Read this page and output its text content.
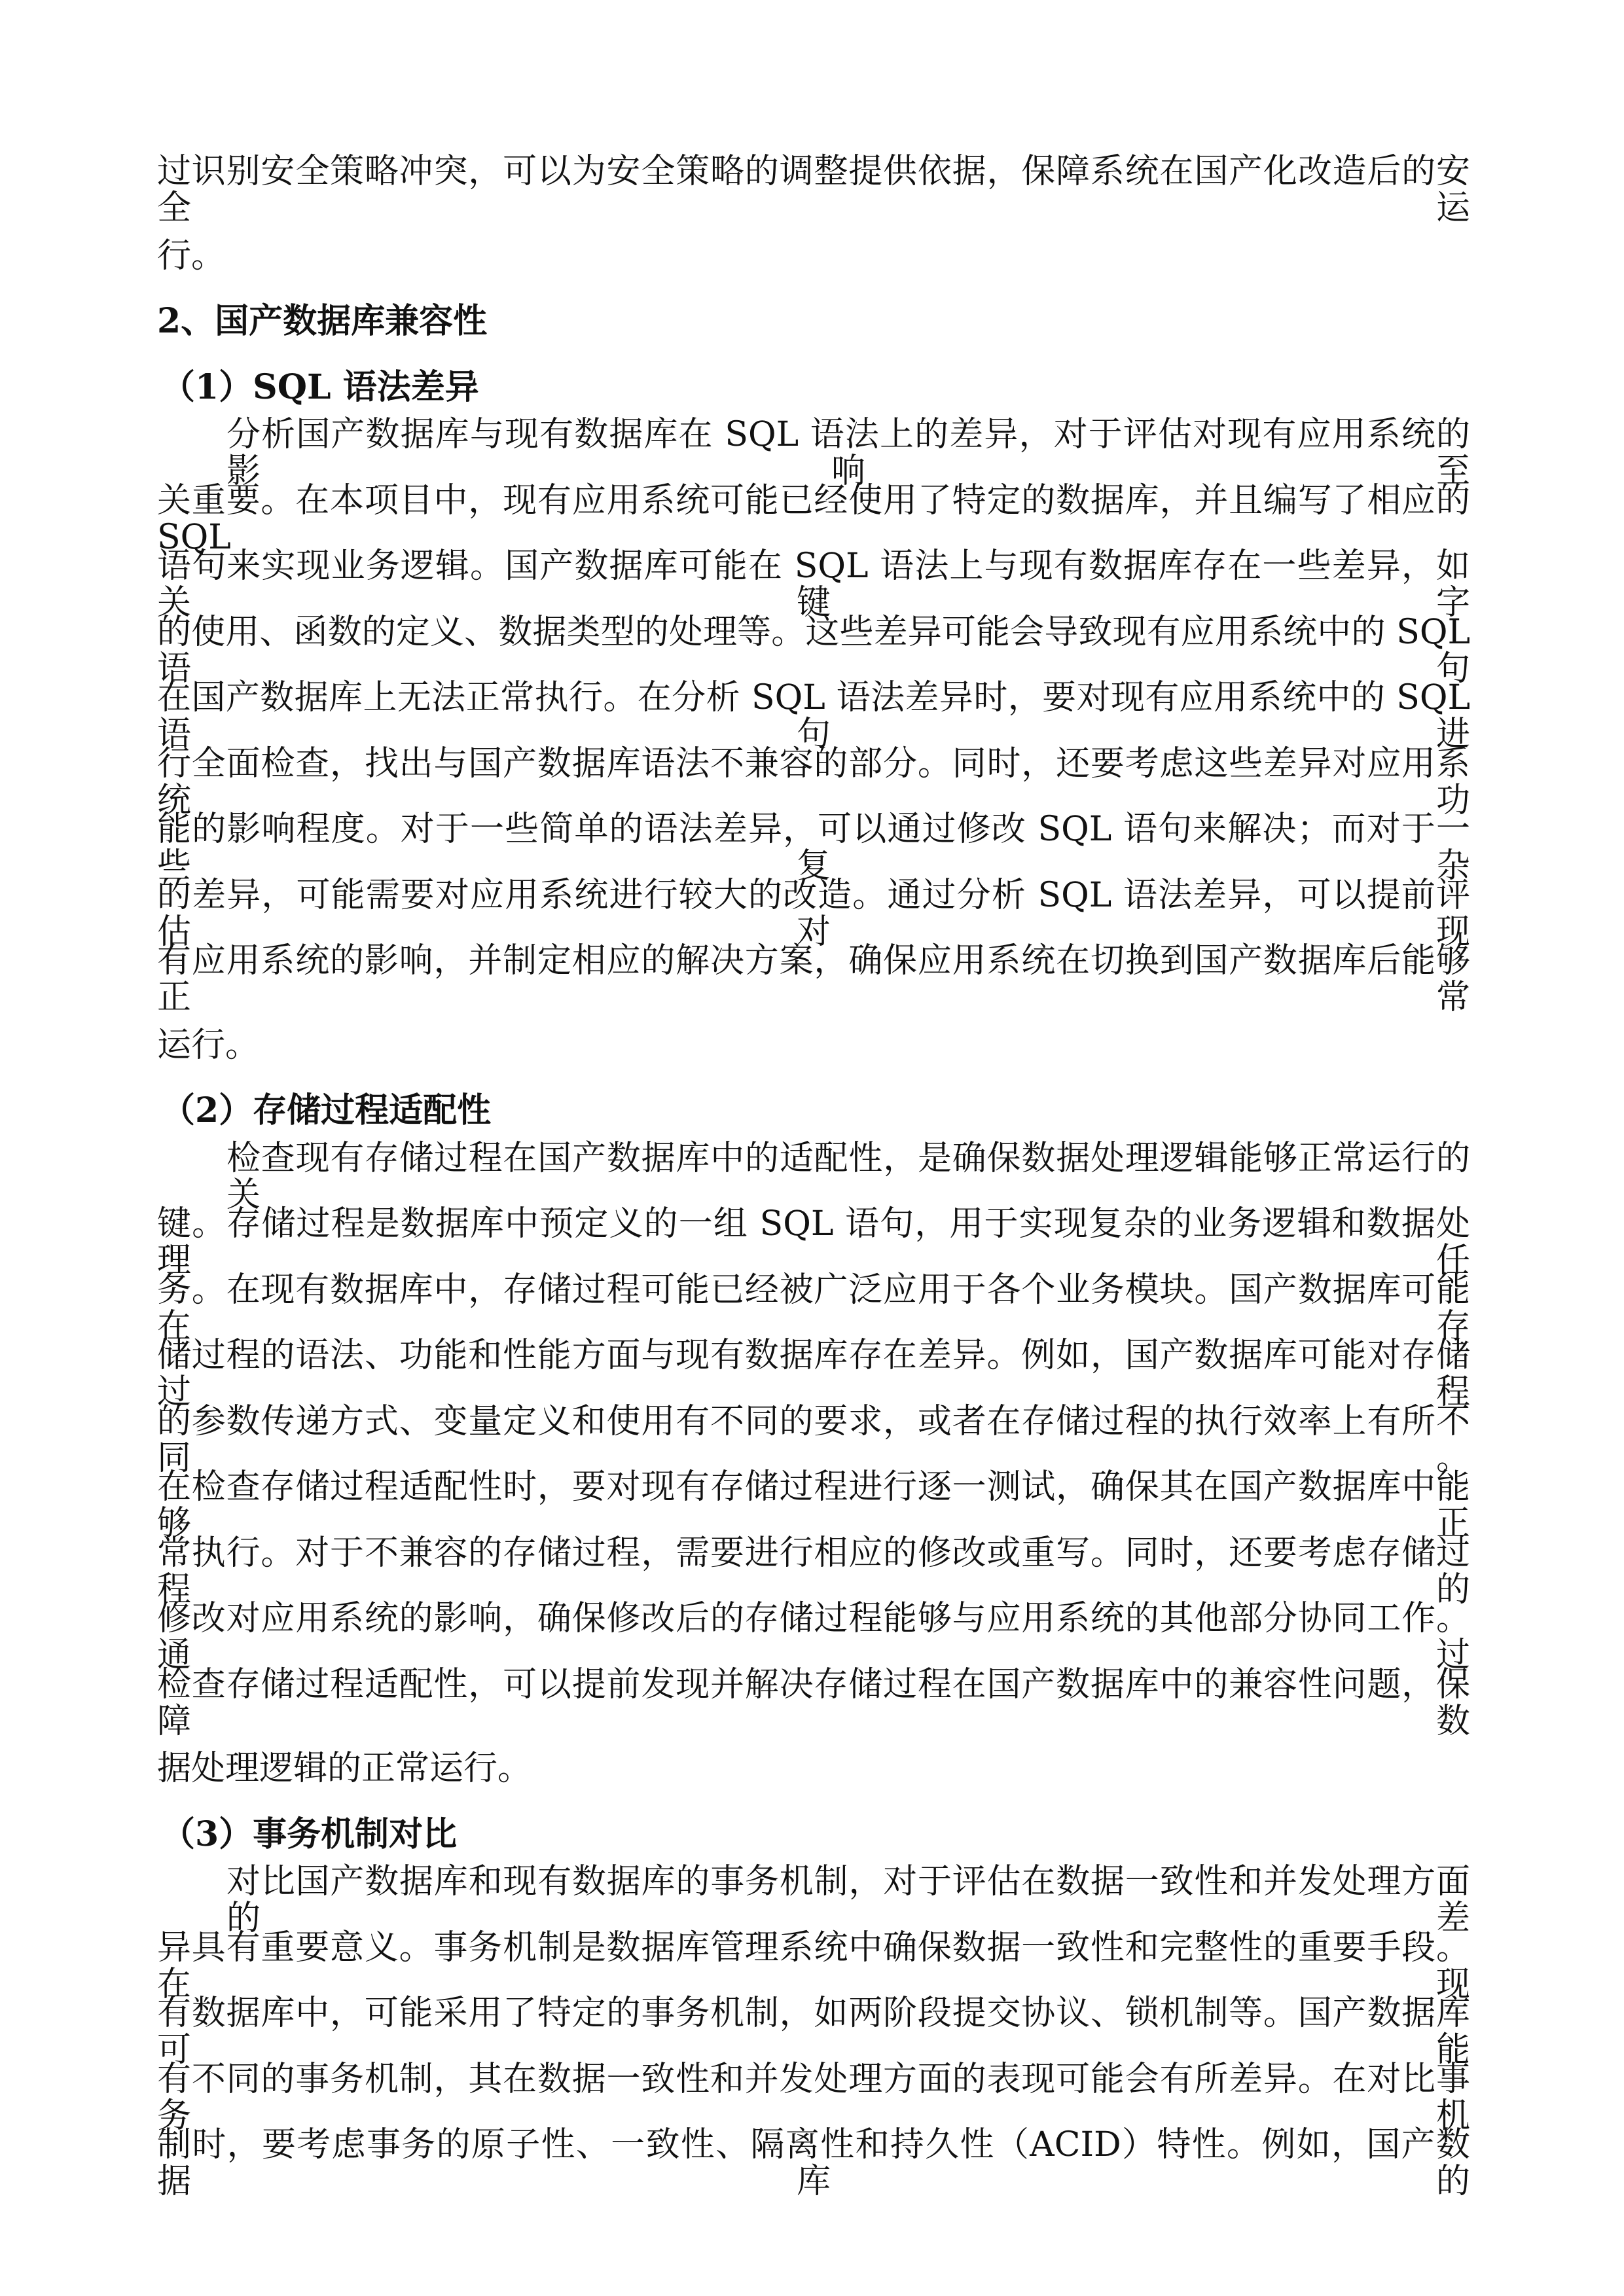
过识别安全策略冲突，可以为安全策略的调整提供依据，保障系统在国产化改造后的安全运
行。
2、国产数据库兼容性
（1）SQL 语法差异
分析国产数据库与现有数据库在 SQL 语法上的差异，对于评估对现有应用系统的影响至
关重要。在本项目中，现有应用系统可能已经使用了特定的数据库，并且编写了相应的 SQL
语句来实现业务逻辑。国产数据库可能在 SQL 语法上与现有数据库存在一些差异，如关键字
的使用、函数的定义、数据类型的处理等。这些差异可能会导致现有应用系统中的 SQL 语句
在国产数据库上无法正常执行。在分析 SQL 语法差异时，要对现有应用系统中的 SQL 语句进
行全面检查，找出与国产数据库语法不兼容的部分。同时，还要考虑这些差异对应用系统功
能的影响程度。对于一些简单的语法差异，可以通过修改 SQL 语句来解决；而对于一些复杂
的差异，可能需要对应用系统进行较大的改造。通过分析 SQL 语法差异，可以提前评估对现
有应用系统的影响，并制定相应的解决方案，确保应用系统在切换到国产数据库后能够正常
运行。
（2）存储过程适配性
检查现有存储过程在国产数据库中的适配性，是确保数据处理逻辑能够正常运行的关
键。存储过程是数据库中预定义的一组 SQL 语句，用于实现复杂的业务逻辑和数据处理任
务。在现有数据库中，存储过程可能已经被广泛应用于各个业务模块。国产数据库可能在存
储过程的语法、功能和性能方面与现有数据库存在差异。例如，国产数据库可能对存储过程
的参数传递方式、变量定义和使用有不同的要求，或者在存储过程的执行效率上有所不同。
在检查存储过程适配性时，要对现有存储过程进行逐一测试，确保其在国产数据库中能够正
常执行。对于不兼容的存储过程，需要进行相应的修改或重写。同时，还要考虑存储过程的
修改对应用系统的影响，确保修改后的存储过程能够与应用系统的其他部分协同工作。通过
检查存储过程适配性，可以提前发现并解决存储过程在国产数据库中的兼容性问题，保障数
据处理逻辑的正常运行。
（3）事务机制对比
对比国产数据库和现有数据库的事务机制，对于评估在数据一致性和并发处理方面的差
异具有重要意义。事务机制是数据库管理系统中确保数据一致性和完整性的重要手段。在现
有数据库中，可能采用了特定的事务机制，如两阶段提交协议、锁机制等。国产数据库可能
有不同的事务机制，其在数据一致性和并发处理方面的表现可能会有所差异。在对比事务机
制时，要考虑事务的原子性、一致性、隔离性和持久性（ACID）特性。例如，国产数据库的
